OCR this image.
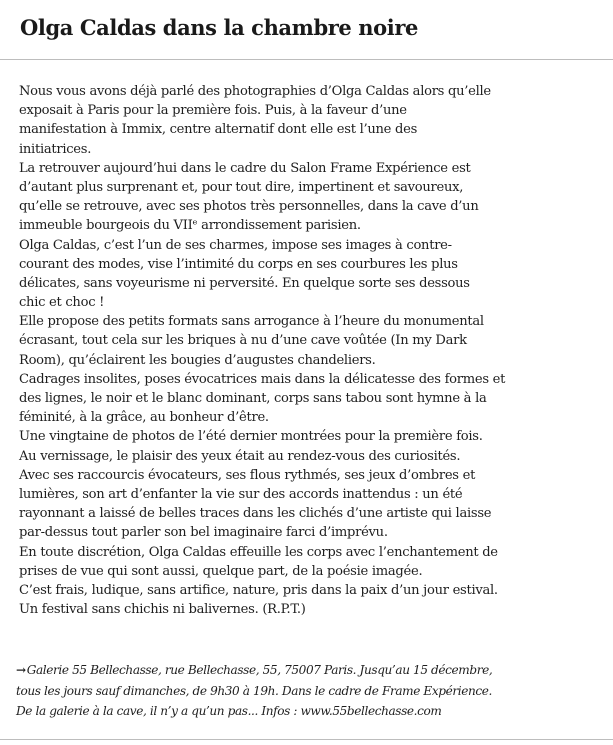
Olga Caldas dans la chambre noire
Nous vous avons déjà parlé des photographies d’Olga Caldas alors qu’elle
exposait à Paris pour la première fois. Puis, à la faveur d’une
manifestation à Immix, centre alternatif dont elle est l’une des
initiatrices.
La retrouver aujourd’hui dans le cadre du Salon Frame Expérience est
d’autant plus surprenant et, pour tout dire, impertinent et savoureux,
qu’elle se retrouve, avec ses photos très personnelles, dans la cave d’un
immeuble bourgeois du VIIᵉ arrondissement parisien.
Olga Caldas, c’est l’un de ses charmes, impose ses images à contre-
courant des modes, vise l’intimité du corps en ses courbures les plus
délicates, sans voyeurisme ni perversité. En quelque sorte ses dessous
chic et choc !
Elle propose des petits formats sans arrogance à l’heure du monumental
écrasant, tout cela sur les briques à nu d’une cave voûtée (In my Dark
Room), qu’éclairent les bougies d’augustes chandeliers.
Cadrages insolites, poses évocatrices mais dans la délicatesse des formes et
des lignes, le noir et le blanc dominant, corps sans tabou sont hymne à la
féminité, à la grâce, au bonheur d’être.
Une vingtaine de photos de l’été dernier montrées pour la première fois.
Au vernissage, le plaisir des yeux était au rendez-vous des curiosités.
Avec ses raccourcis évocateurs, ses flous rythmés, ses jeux d’ombres et
lumières, son art d’enfanter la vie sur des accords inattendus : un été
rayonnant a laissé de belles traces dans les clichés d’une artiste qui laisse
par-dessus tout parler son bel imaginaire farci d’imprévu.
En toute discrétion, Olga Caldas effeuille les corps avec l’enchantement de
prises de vue qui sont aussi, quelque part, de la poésie imagée.
C’est frais, ludique, sans artifice, nature, pris dans la paix d’un jour estival.
Un festival sans chichis ni balivernes. (R.P.T.)
→Galerie 55 Bellechasse, rue Bellechasse, 55, 75007 Paris. Jusqu’au 15 décembre,
tous les jours sauf dimanches, de 9h30 à 19h. Dans le cadre de Frame Expérience.
De la galerie à la cave, il n’y a qu’un pas... Infos : www.55bellechasse.com
